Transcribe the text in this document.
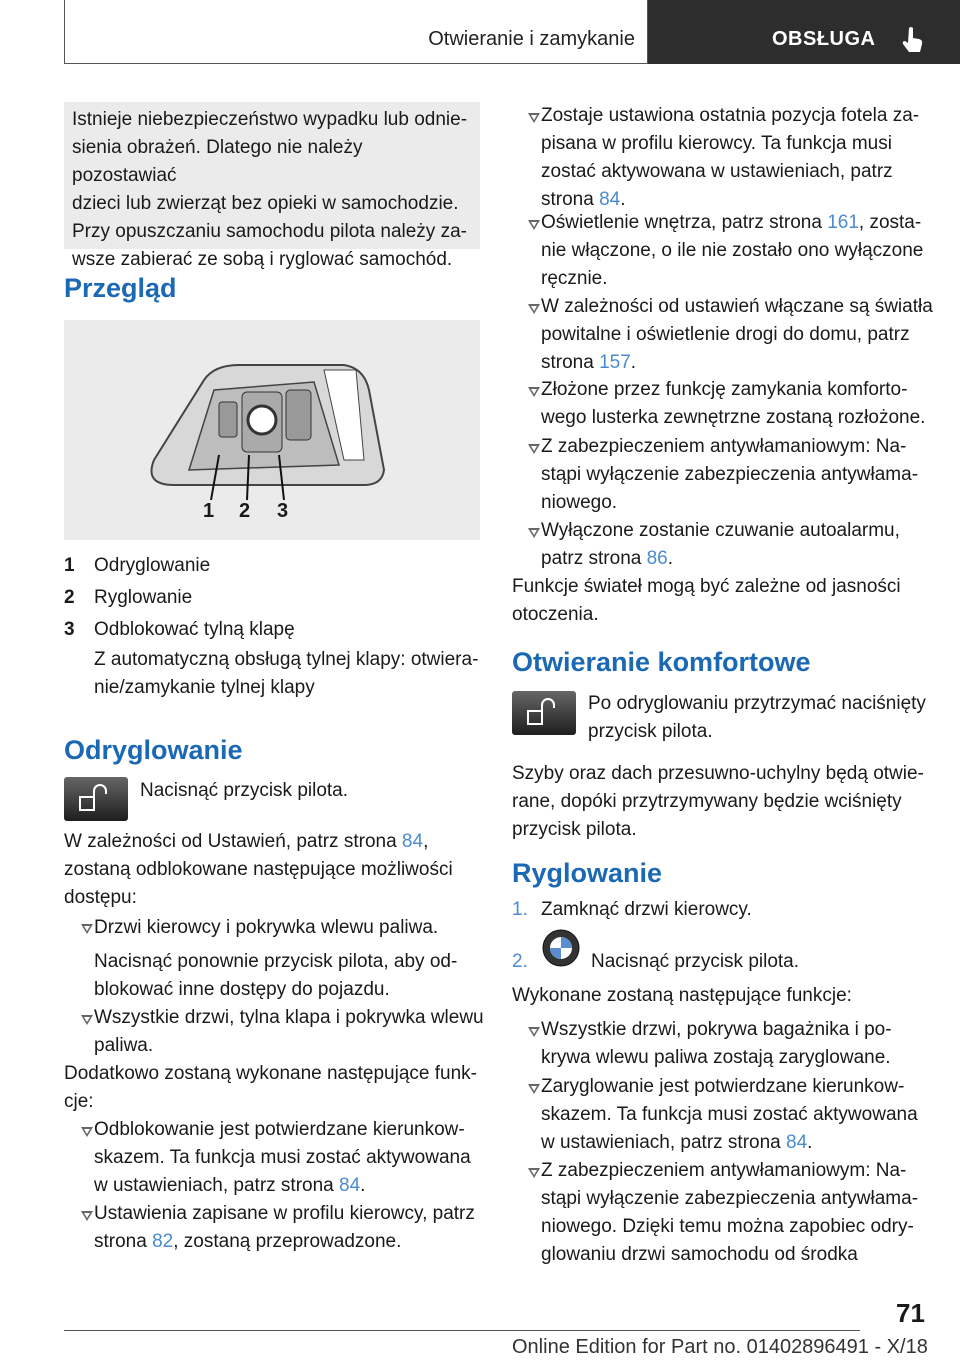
Otwieranie i zamykanie	OBSŁUGA
Istnieje niebezpieczeństwo wypadku lub odnie-
sienia obrażeń. Dlatego nie należy pozostawiać
dzieci lub zwierząt bez opieki w samochodzie.
Przy opuszczaniu samochodu pilota należy za-
wsze zabierać ze sobą i ryglować samochód.
Przegląd
1 2 3
1 Odryglowanie
2 Ryglowanie
3 Odblokować tylną klapę
Z automatyczną obsługą tylnej klapy: otwiera-
nie/zamykanie tylnej klapy
Odryglowanie
Nacisnąć przycisk pilota.
W zależności od Ustawień, patrz strona 84,
zostaną odblokowane następujące możliwości
dostępu:
Drzwi kierowcy i pokrywka wlewu paliwa.
Nacisnąć ponownie przycisk pilota, aby od-
blokować inne dostępy do pojazdu.
Wszystkie drzwi, tylna klapa i pokrywka wlewu
paliwa.
Dodatkowo zostaną wykonane następujące funk-
cje:
Odblokowanie jest potwierdzane kierunkow-
skazem. Ta funkcja musi zostać aktywowana
w ustawieniach, patrz strona 84.
Ustawienia zapisane w profilu kierowcy, patrz
strona 82, zostaną przeprowadzone.
Zostaje ustawiona ostatnia pozycja fotela za-
pisana w profilu kierowcy. Ta funkcja musi
zostać aktywowana w ustawieniach, patrz
strona 84.
Oświetlenie wnętrza, patrz strona 161, zosta-
nie włączone, o ile nie zostało ono wyłączone
ręcznie.
W zależności od ustawień włączane są światła
powitalne i oświetlenie drogi do domu, patrz
strona 157.
Złożone przez funkcję zamykania komforto-
wego lusterka zewnętrzne zostaną rozłożone.
Z zabezpieczeniem antywłamaniowym: Na-
stąpi wyłączenie zabezpieczenia antywłama-
niowego.
Wyłączone zostanie czuwanie autoalarmu,
patrz strona 86.
Funkcje świateł mogą być zależne od jasności
otoczenia.
Otwieranie komfortowe
Po odryglowaniu przytrzymać naciśnięty
przycisk pilota.
Szyby oraz dach przesuwno-uchylny będą otwie-
rane, dopóki przytrzymywany będzie wciśnięty
przycisk pilota.
Ryglowanie
1. Zamknąć drzwi kierowcy.
2.	Nacisnąć przycisk pilota.
Wykonane zostaną następujące funkcje:
Wszystkie drzwi, pokrywa bagażnika i po-
krywa wlewu paliwa zostają zaryglowane.
Zaryglowanie jest potwierdzane kierunkow-
skazem. Ta funkcja musi zostać aktywowana
w ustawieniach, patrz strona 84.
Z zabezpieczeniem antywłamaniowym: Na-
stąpi wyłączenie zabezpieczenia antywłama-
niowego. Dzięki temu można zapobiec odry-
glowaniu drzwi samochodu od środka
71
Online Edition for Part no. 01402896491 - X/18
